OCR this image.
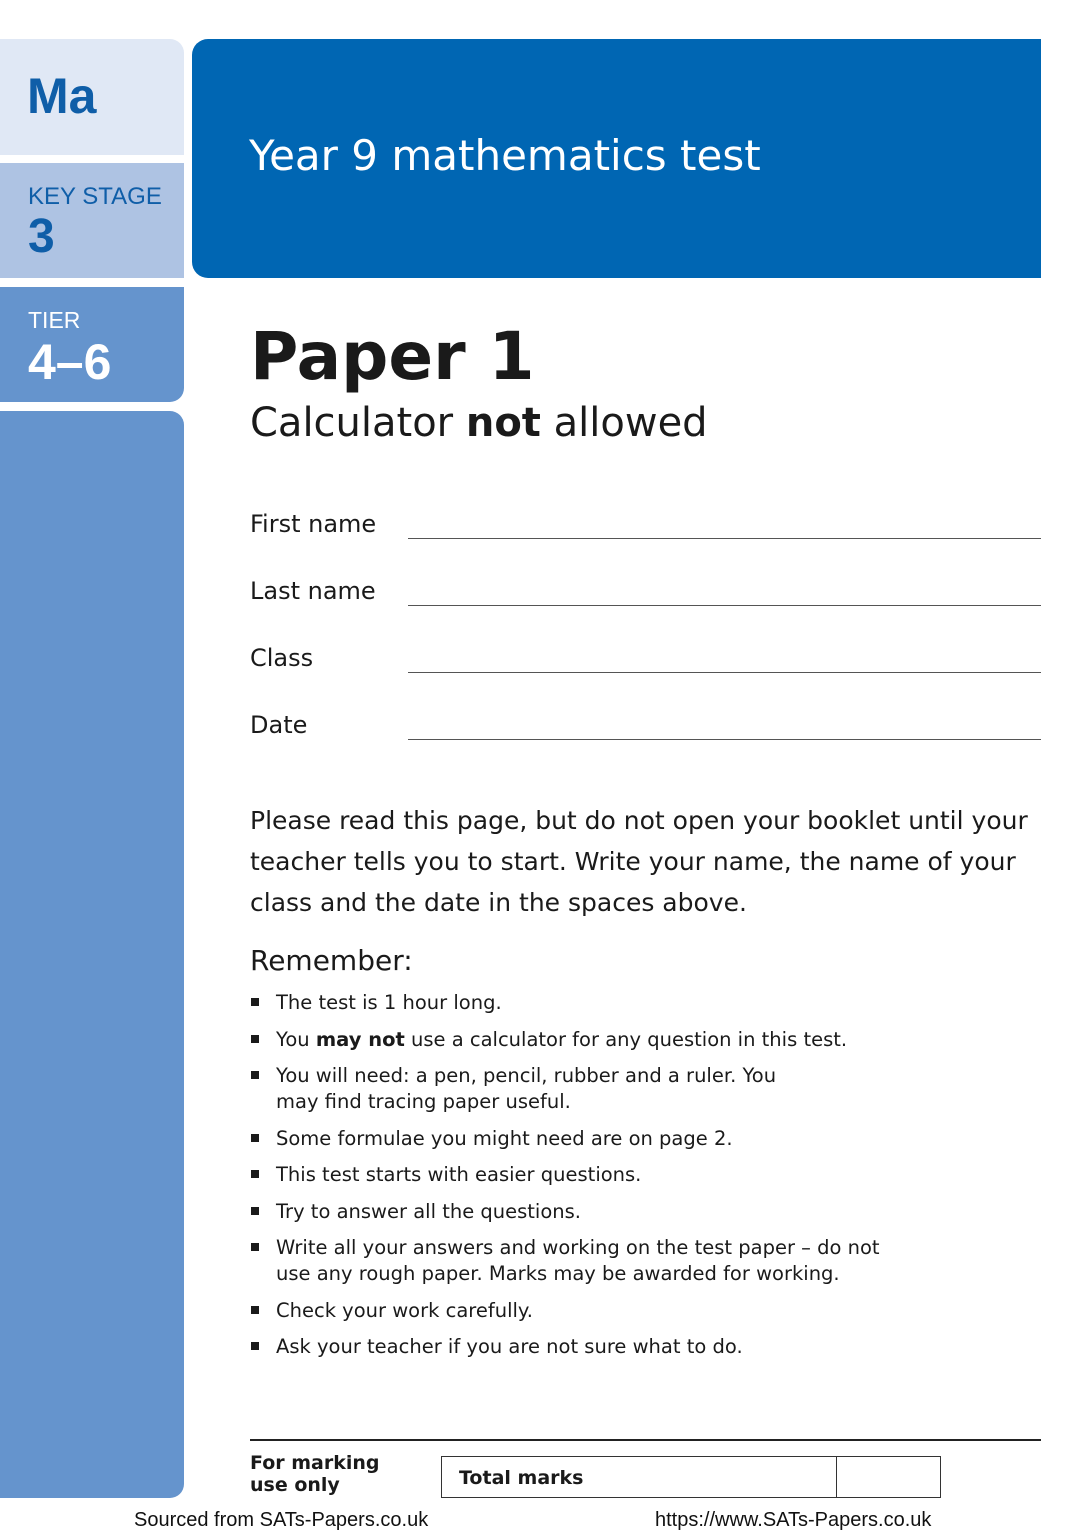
Ma
KEY STAGE
3
TIER
4–6
Year 9 mathematics test
Paper 1
Calculator not allowed
First name
Last name
Class
Date
Please read this page, but do not open your booklet until your teacher tells you to start. Write your name, the name of your class and the date in the spaces above.
Remember:
The test is 1 hour long.
You may not use a calculator for any question in this test.
You will need: a pen, pencil, rubber and a ruler. You may find tracing paper useful.
Some formulae you might need are on page 2.
This test starts with easier questions.
Try to answer all the questions.
Write all your answers and working on the test paper – do not use any rough paper. Marks may be awarded for working.
Check your work carefully.
Ask your teacher if you are not sure what to do.
For marking use only	Total marks
Sourced from SATs-Papers.co.uk	https://www.SATs-Papers.co.uk
